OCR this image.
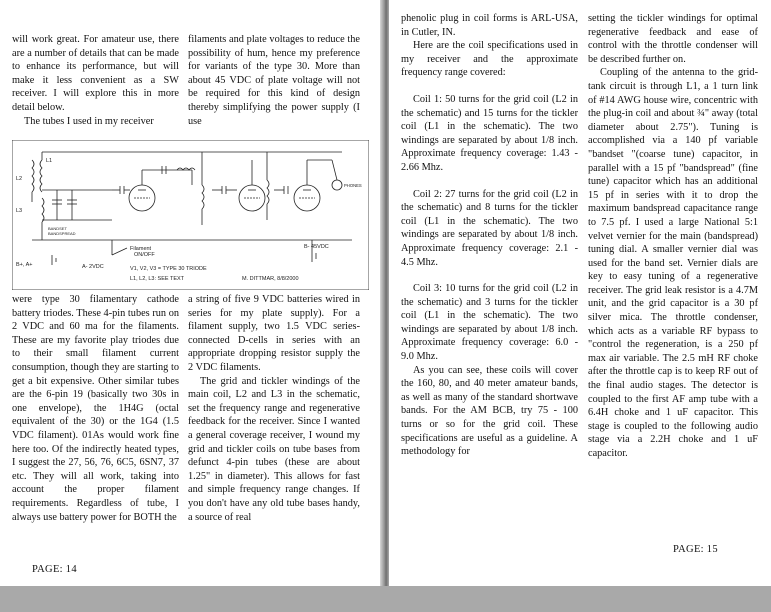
will work great. For amateur use, there are a number of details that can be made to enhance its performance, but will make it less convenient as a SW receiver. I will explore this in more detail below.

The tubes I used in my receiver

filaments and plate voltages to reduce the possibility of hum, hence my preference for variants of the type 30. More than about 45 VDC of plate voltage will not be required for this kind of design thereby simplifying the power supply (I use

L1
L2
L3
BANDSET
BANDSPREAD
Filament
ON/OFF
B+, A+	A- 2VDC
B- 45VDC
PHONES
V1, V2, V3 = TYPE 30 TRIODE
L1, L2, L3: SEE TEXT	M. DITTMAR, 8/8/2000

were type 30 filamentary cathode battery triodes. These 4-pin tubes run on 2 VDC and 60 ma for the filaments. These are my favorite play triodes due to their small filament current consumption, though they are starting to get a bit expensive. Other similar tubes are the 6-pin 19 (basically two 30s in one envelope), the 1H4G (octal equivalent of the 30) or the 1G4 (1.5 VDC filament). 01As would work fine here too. Of the indirectly heated types, I suggest the 27, 56, 76, 6C5, 6SN7, 37 etc. They will all work, taking into account the proper filament requirements. Regardless of tube, I always use battery power for BOTH the

a string of five 9 VDC batteries wired in series for my plate supply). For a filament supply, two 1.5 VDC series-connected D-cells in series with an appropriate dropping resistor supply the 2 VDC filaments.

The grid and tickler windings of the main coil, L2 and L3 in the schematic, set the frequency range and regenerative feedback for the receiver. Since I wanted a general coverage receiver, I wound my grid and tickler coils on tube bases from defunct 4-pin tubes (these are about 1.25" in diameter). This allows for fast and simple frequency range changes. If you don't have any old tube bases handy, a source of real

PAGE: 14

phenolic plug in coil forms is ARL-USA, in Cutler, IN.

Here are the coil specifications used in my receiver and the approximate frequency range covered:

Coil 1: 50 turns for the grid coil (L2 in the schematic) and 15 turns for the tickler coil (L1 in the schematic). The two windings are separated by about 1/8 inch. Approximate frequency coverage: 1.43 - 2.66 Mhz.

Coil 2: 27 turns for the grid coil (L2 in the schematic) and 8 turns for the tickler coil (L1 in the schematic). The two windings are separated by about 1/8 inch. Approximate frequency coverage: 2.1 - 4.5 Mhz.

Coil 3: 10 turns for the grid coil (L2 in the schematic) and 3 turns for the tickler coil (L1 in the schematic). The two windings are separated by about 1/8 inch. Approximate frequency coverage: 6.0 - 9.0 Mhz.

As you can see, these coils will cover the 160, 80, and 40 meter amateur bands, as well as many of the standard shortwave bands. For the AM BCB, try 75 - 100 turns or so for the grid coil. These specifications are useful as a guideline. A methodology for

setting the tickler windings for optimal regenerative feedback and ease of control with the throttle condenser will be described further on.

Coupling of the antenna to the grid-tank circuit is through L1, a 1 turn link of #14 AWG house wire, concentric with the plug-in coil and about ¾" away (total diameter about 2.75"). Tuning is accomplished via a 140 pf variable "bandset "(coarse tune) capacitor, in parallel with a 15 pf "bandspread" (fine tune) capacitor which has an additional 15 pf in series with it to drop the maximum bandspread capacitance range to 7.5 pf. I used a large National 5:1 velvet vernier for the main (bandspread) tuning dial. A smaller vernier dial was used for the band set. Vernier dials are key to easy tuning of a regenerative receiver. The grid leak resistor is a 4.7M unit, and the grid capacitor is a 30 pf silver mica. The throttle condenser, which acts as a variable RF bypass to "control the regeneration, is a 250 pf max air variable. The 2.5 mH RF choke after the throttle cap is to keep RF out of the final audio stages. The detector is coupled to the first AF amp tube with a 6.4H choke and 1 uF capacitor. This stage is coupled to the following audio stage via a 2.2H choke and 1 uF capacitor.

PAGE: 15
